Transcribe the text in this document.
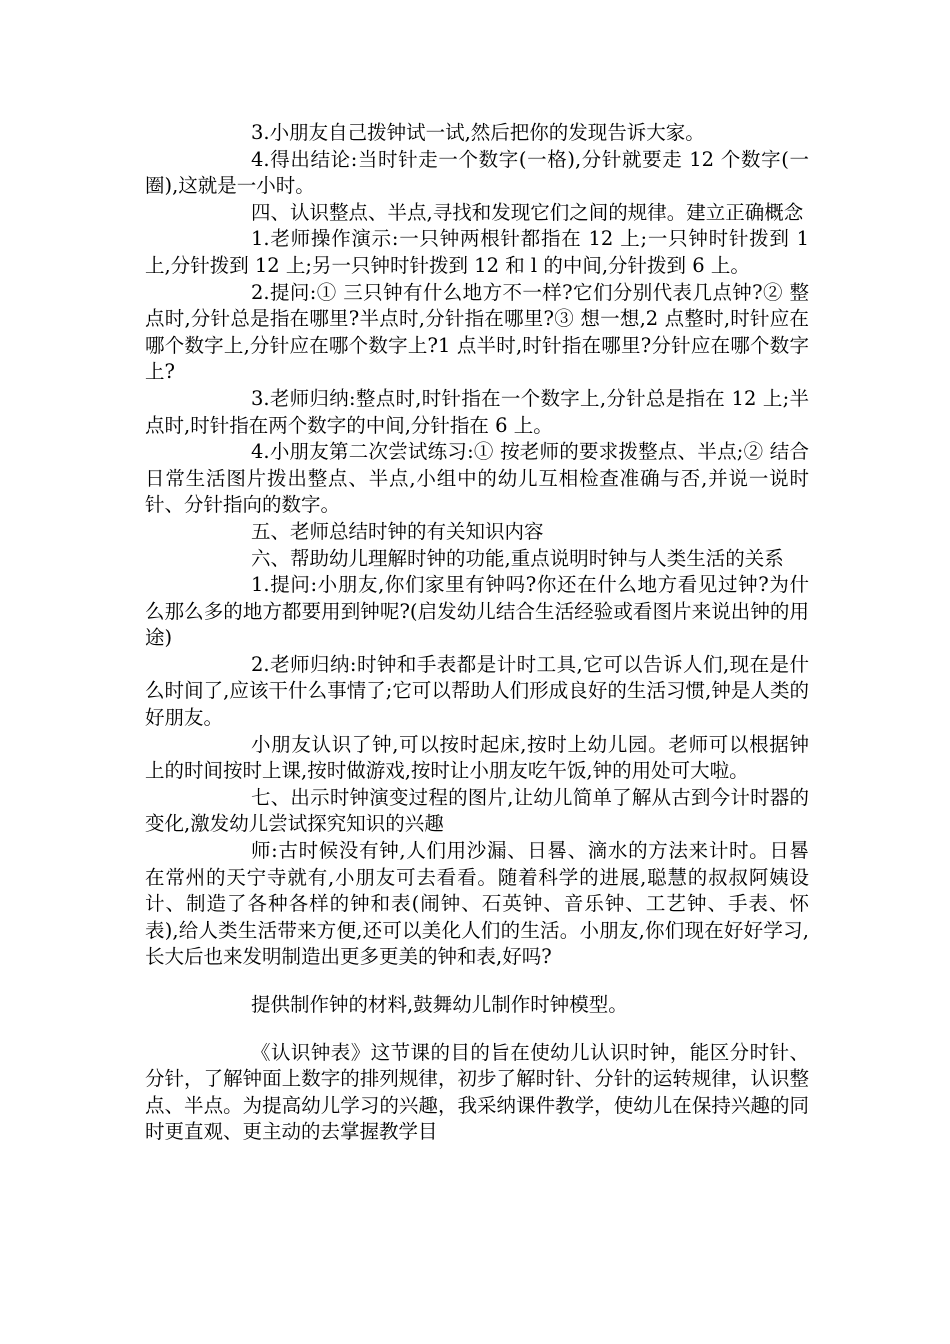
3.小朋友自己拨钟试一试,然后把你的发现告诉大家。

4.得出结论:当时针走一个数字(一格),分针就要走 12 个数字(一圈),这就是一小时。

四、认识整点、半点,寻找和发现它们之间的规律。建立正确概念

1.老师操作演示:一只钟两根针都指在 12 上;一只钟时针拨到 1 上,分针拨到 12 上;另一只钟时针拨到 12 和 l 的中间,分针拨到 6 上。

2.提问:① 三只钟有什么地方不一样?它们分别代表几点钟?② 整点时,分针总是指在哪里?半点时,分针指在哪里?③ 想一想,2 点整时,时针应在哪个数字上,分针应在哪个数字上?1 点半时,时针指在哪里?分针应在哪个数字上?

3.老师归纳:整点时,时针指在一个数字上,分针总是指在 12 上;半点时,时针指在两个数字的中间,分针指在 6 上。

4.小朋友第二次尝试练习:① 按老师的要求拨整点、半点;② 结合日常生活图片拨出整点、半点,小组中的幼儿互相检查准确与否,并说一说时针、分针指向的数字。

五、老师总结时钟的有关知识内容

六、帮助幼儿理解时钟的功能,重点说明时钟与人类生活的关系

1.提问:小朋友,你们家里有钟吗?你还在什么地方看见过钟?为什么那么多的地方都要用到钟呢?(启发幼儿结合生活经验或看图片来说出钟的用途)

2.老师归纳:时钟和手表都是计时工具,它可以告诉人们,现在是什么时间了,应该干什么事情了;它可以帮助人们形成良好的生活习惯,钟是人类的好朋友。

小朋友认识了钟,可以按时起床,按时上幼儿园。老师可以根据钟上的时间按时上课,按时做游戏,按时让小朋友吃午饭,钟的用处可大啦。

七、出示时钟演变过程的图片,让幼儿简单了解从古到今计时器的变化,激发幼儿尝试探究知识的兴趣

师:古时候没有钟,人们用沙漏、日晷、滴水的方法来计时。日晷在常州的天宁寺就有,小朋友可去看看。随着科学的进展,聪慧的叔叔阿姨设计、制造了各种各样的钟和表(闹钟、石英钟、音乐钟、工艺钟、手表、怀表),给人类生活带来方便,还可以美化人们的生活。小朋友,你们现在好好学习,长大后也来发明制造出更多更美的钟和表,好吗?

提供制作钟的材料,鼓舞幼儿制作时钟模型。

《认识钟表》这节课的目的旨在使幼儿认识时钟，能区分时针、分针，了解钟面上数字的排列规律，初步了解时针、分针的运转规律，认识整点、半点。为提高幼儿学习的兴趣，我采纳课件教学，使幼儿在保持兴趣的同时更直观、更主动的去掌握教学目
